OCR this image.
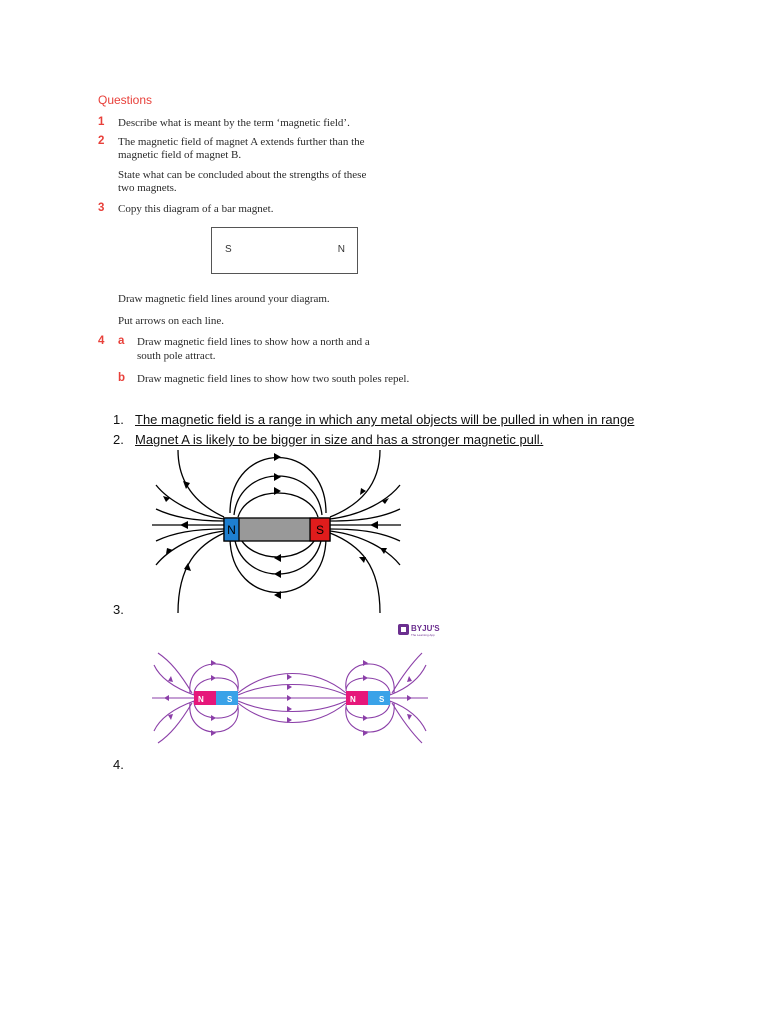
Questions
1 Describe what is meant by the term ‘magnetic field’.
2 The magnetic field of magnet A extends further than the
magnetic field of magnet B.
State what can be concluded about the strengths of these
two magnets.
3 Copy this diagram of a bar magnet.
S	N
Draw magnetic field lines around your diagram.
Put arrows on each line.
4 a Draw magnetic field lines to show how a north and a
south pole attract.
b Draw magnetic field lines to show how two south poles repel.
1. The magnetic field is a range in which any metal objects will be pulled in when in range
2. Magnet A is likely to be bigger in size and has a stronger magnetic pull.
N	S
3.
BYJU'S
The Learning App
N	S	N	S
4.
